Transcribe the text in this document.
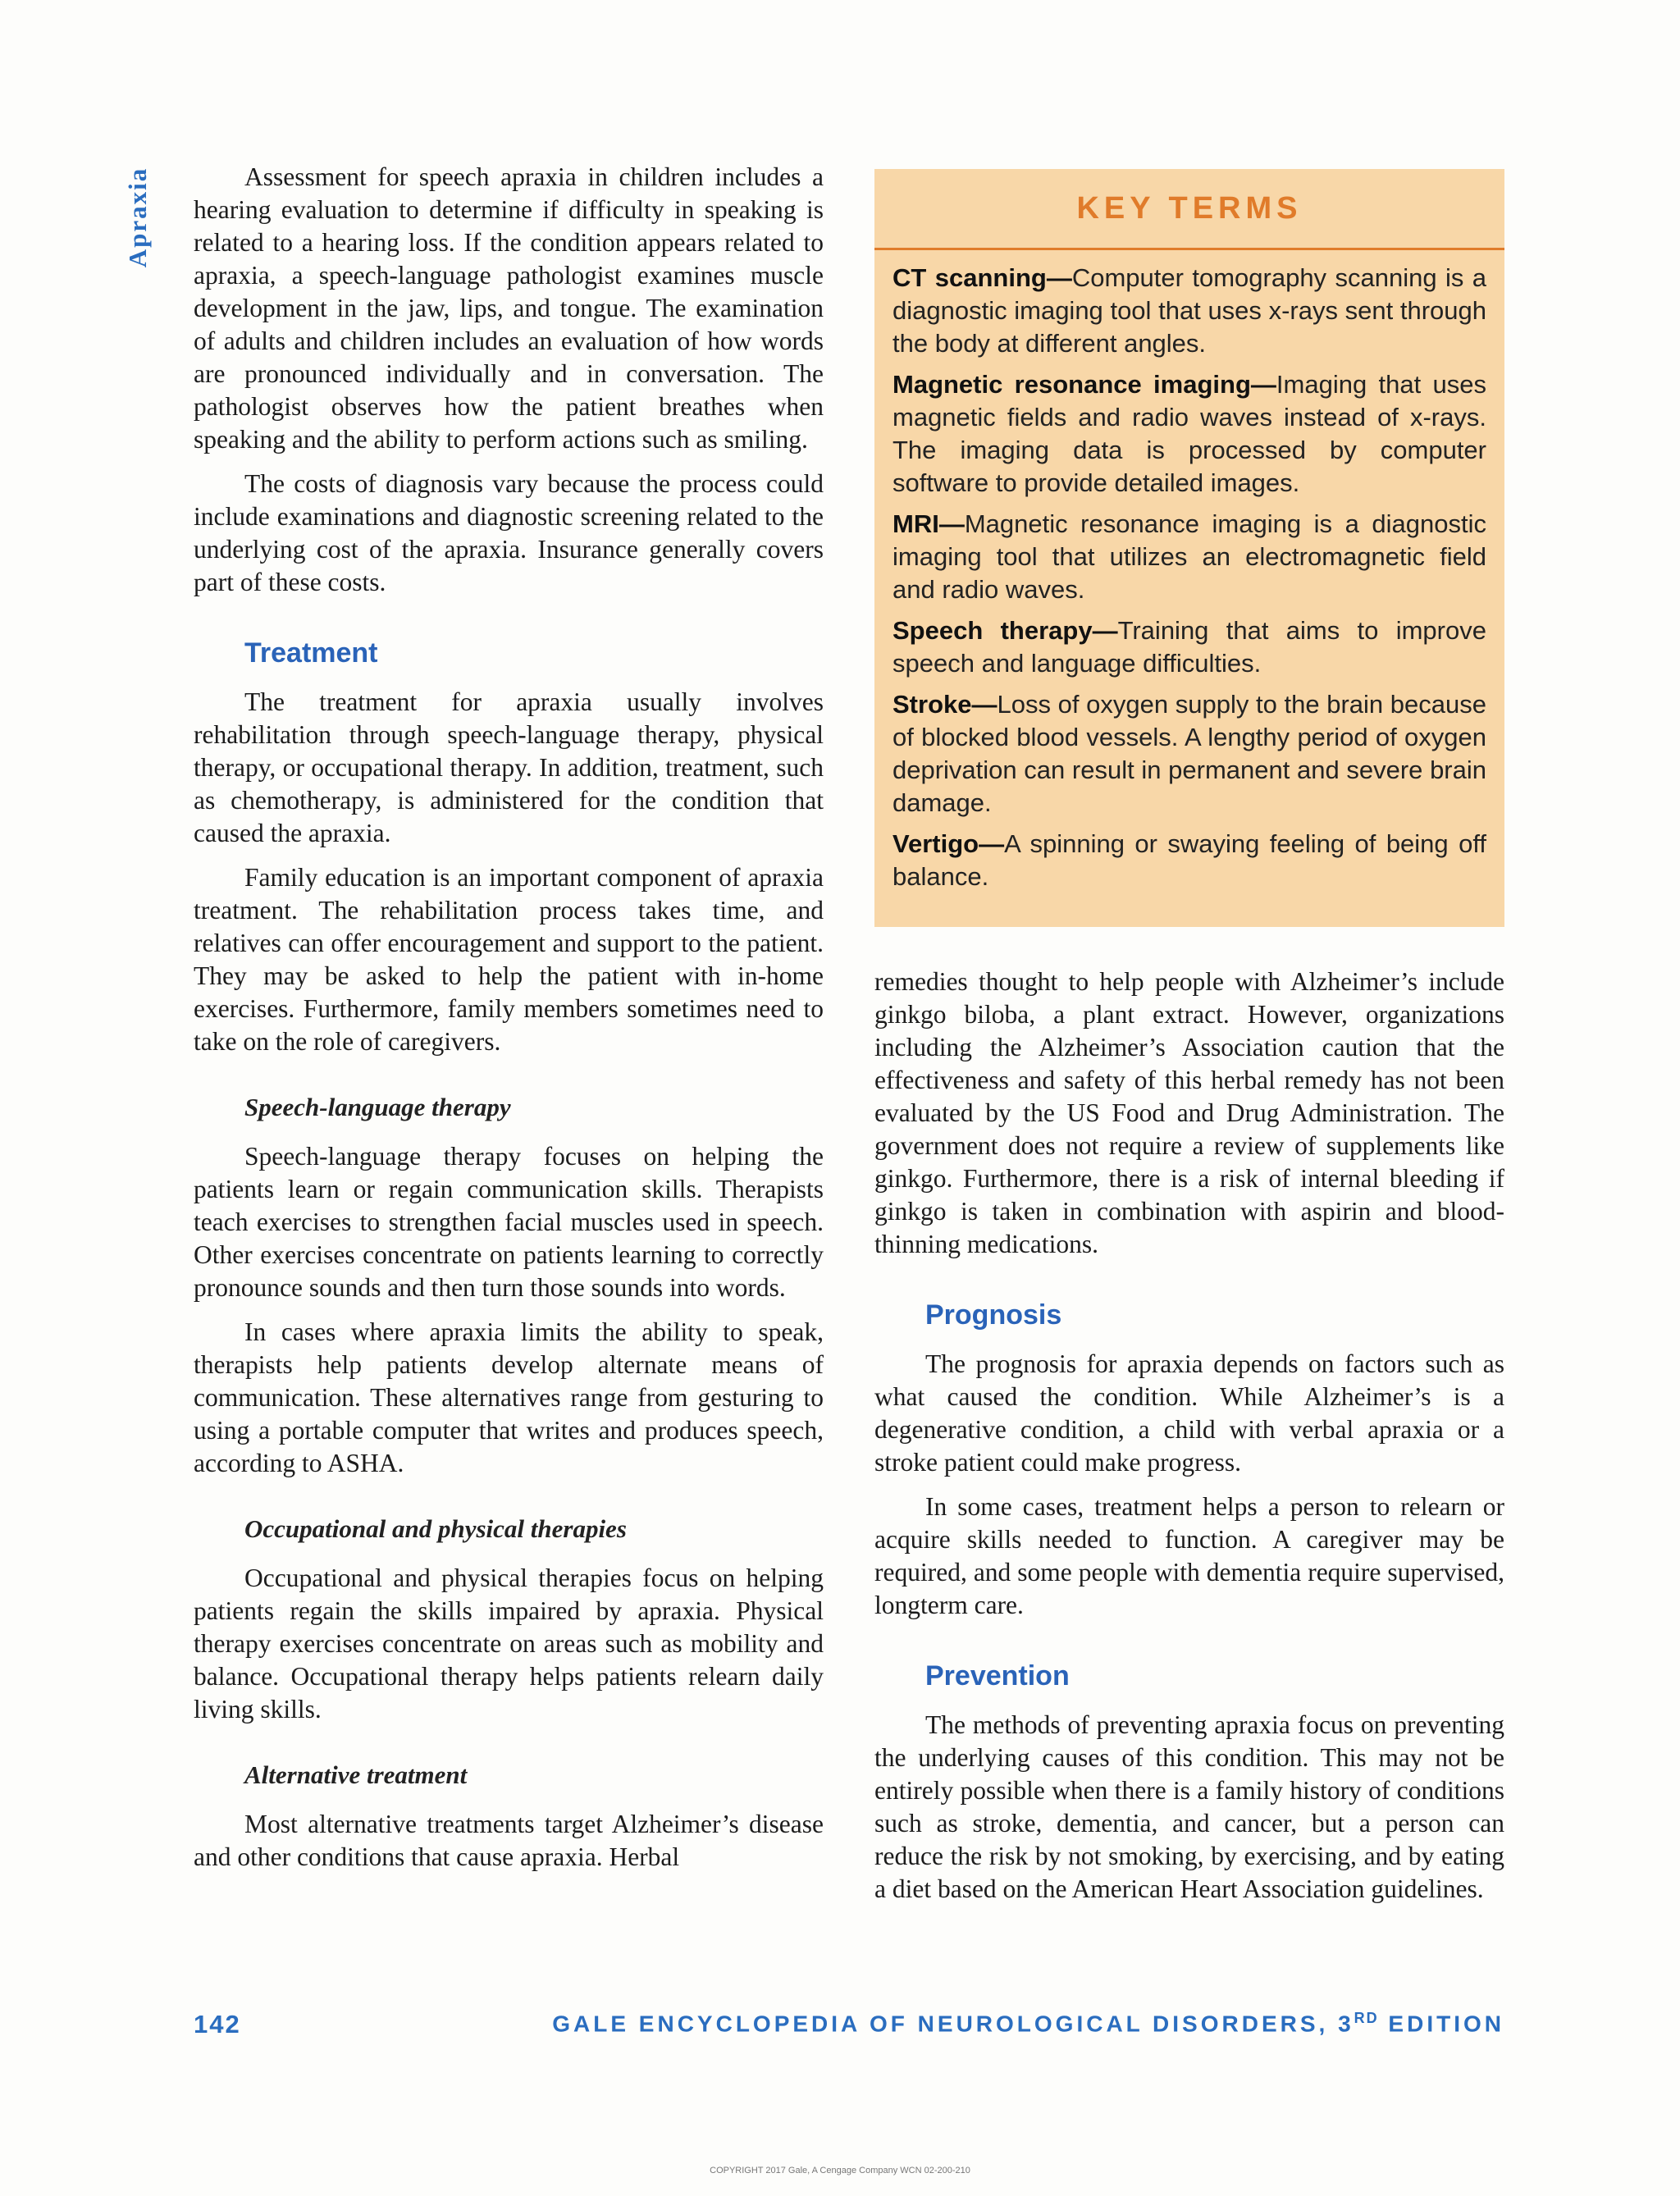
Apraxia	Assessment for speech apraxia in children includes a hearing evaluation to determine if difficulty in speaking is related to a hearing loss. If the condition appears related to apraxia, a speech-language pathologist examines muscle development in the jaw, lips, and tongue. The examination of adults and children includes an evaluation of how words are pronounced individually and in conversation. The pathologist observes how the patient breathes when speaking and the ability to perform actions such as smiling.

The costs of diagnosis vary because the process could include examinations and diagnostic screening related to the underlying cost of the apraxia. Insurance generally covers part of these costs.

Treatment

The treatment for apraxia usually involves rehabilitation through speech-language therapy, physical therapy, or occupational therapy. In addition, treatment, such as chemotherapy, is administered for the condition that caused the apraxia.

Family education is an important component of apraxia treatment. The rehabilitation process takes time, and relatives can offer encouragement and support to the patient. They may be asked to help the patient with in-home exercises. Furthermore, family members sometimes need to take on the role of caregivers.

Speech-language therapy

Speech-language therapy focuses on helping the patients learn or regain communication skills. Therapists teach exercises to strengthen facial muscles used in speech. Other exercises concentrate on patients learning to correctly pronounce sounds and then turn those sounds into words.

In cases where apraxia limits the ability to speak, therapists help patients develop alternate means of communication. These alternatives range from gesturing to using a portable computer that writes and produces speech, according to ASHA.

Occupational and physical therapies

Occupational and physical therapies focus on helping patients regain the skills impaired by apraxia. Physical therapy exercises concentrate on areas such as mobility and balance. Occupational therapy helps patients relearn daily living skills.

Alternative treatment

Most alternative treatments target Alzheimer’s disease and other conditions that cause apraxia. Herbal

KEY TERMS

CT scanning—Computer tomography scanning is a diagnostic imaging tool that uses x-rays sent through the body at different angles.

Magnetic resonance imaging—Imaging that uses magnetic fields and radio waves instead of x-rays. The imaging data is processed by computer software to provide detailed images.

MRI—Magnetic resonance imaging is a diagnostic imaging tool that utilizes an electromagnetic field and radio waves.

Speech therapy—Training that aims to improve speech and language difficulties.

Stroke—Loss of oxygen supply to the brain because of blocked blood vessels. A lengthy period of oxygen deprivation can result in permanent and severe brain damage.

Vertigo—A spinning or swaying feeling of being off balance.

remedies thought to help people with Alzheimer’s include ginkgo biloba, a plant extract. However, organizations including the Alzheimer’s Association caution that the effectiveness and safety of this herbal remedy has not been evaluated by the US Food and Drug Administration. The government does not require a review of supplements like ginkgo. Furthermore, there is a risk of internal bleeding if ginkgo is taken in combination with aspirin and blood-thinning medications.

Prognosis

The prognosis for apraxia depends on factors such as what caused the condition. While Alzheimer’s is a degenerative condition, a child with verbal apraxia or a stroke patient could make progress.

In some cases, treatment helps a person to relearn or acquire skills needed to function. A caregiver may be required, and some people with dementia require supervised, longterm care.

Prevention

The methods of preventing apraxia focus on preventing the underlying causes of this condition. This may not be entirely possible when there is a family history of conditions such as stroke, dementia, and cancer, but a person can reduce the risk by not smoking, by exercising, and by eating a diet based on the American Heart Association guidelines.

142	GALE ENCYCLOPEDIA OF NEUROLOGICAL DISORDERS, 3RD EDITION
COPYRIGHT 2017 Gale, A Cengage Company WCN 02-200-210
